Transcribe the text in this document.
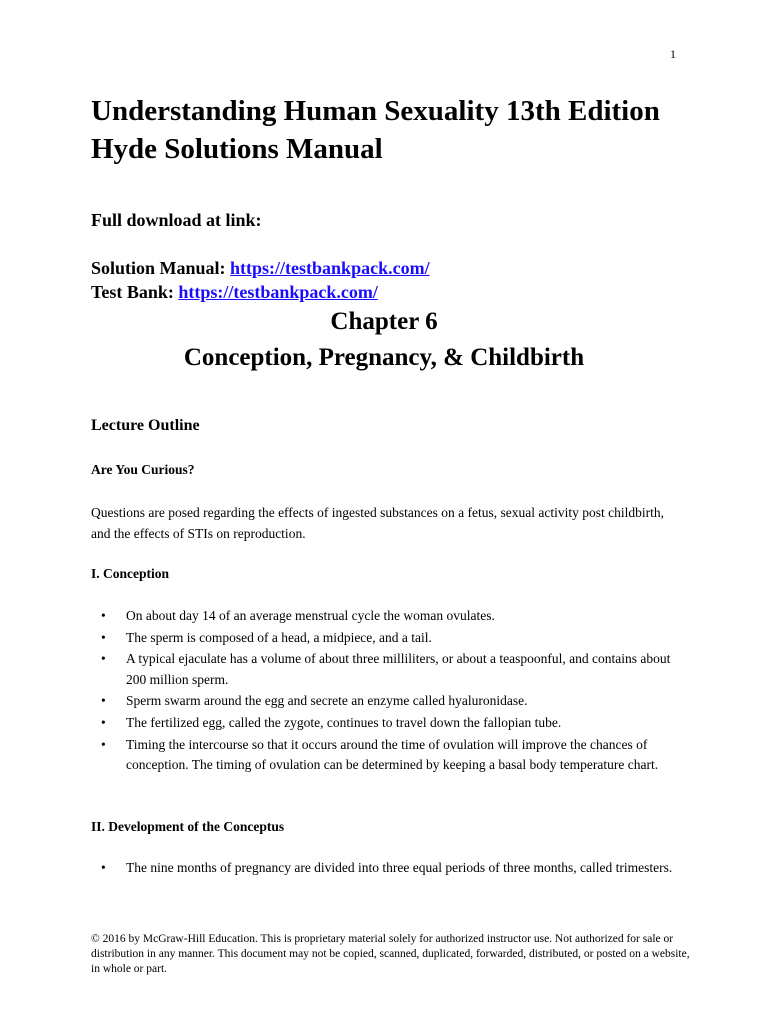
1
Understanding Human Sexuality 13th Edition Hyde Solutions Manual

Full download at link:

Solution Manual: https://testbankpack.com/

Test Bank: https://testbankpack.com/

Chapter 6
Conception, Pregnancy, & Childbirth
Lecture Outline
Are You Curious?

Questions are posed regarding the effects of ingested substances on a fetus, sexual activity post childbirth, and the effects of STIs on reproduction.

I. Conception
• On about day 14 of an average menstrual cycle the woman ovulates.
• The sperm is composed of a head, a midpiece, and a tail.
• A typical ejaculate has a volume of about three milliliters, or about a teaspoonful, and contains about 200 million sperm.
• Sperm swarm around the egg and secrete an enzyme called hyaluronidase.
• The fertilized egg, called the zygote, continues to travel down the fallopian tube.
• Timing the intercourse so that it occurs around the time of ovulation will improve the chances of conception. The timing of ovulation can be determined by keeping a basal body temperature chart.
II. Development of the Conceptus
• The nine months of pregnancy are divided into three equal periods of three months, called trimesters.

© 2016 by McGraw-Hill Education. This is proprietary material solely for authorized instructor use. Not authorized for sale or distribution in any manner. This document may not be copied, scanned, duplicated, forwarded, distributed, or posted on a website, in whole or part.
